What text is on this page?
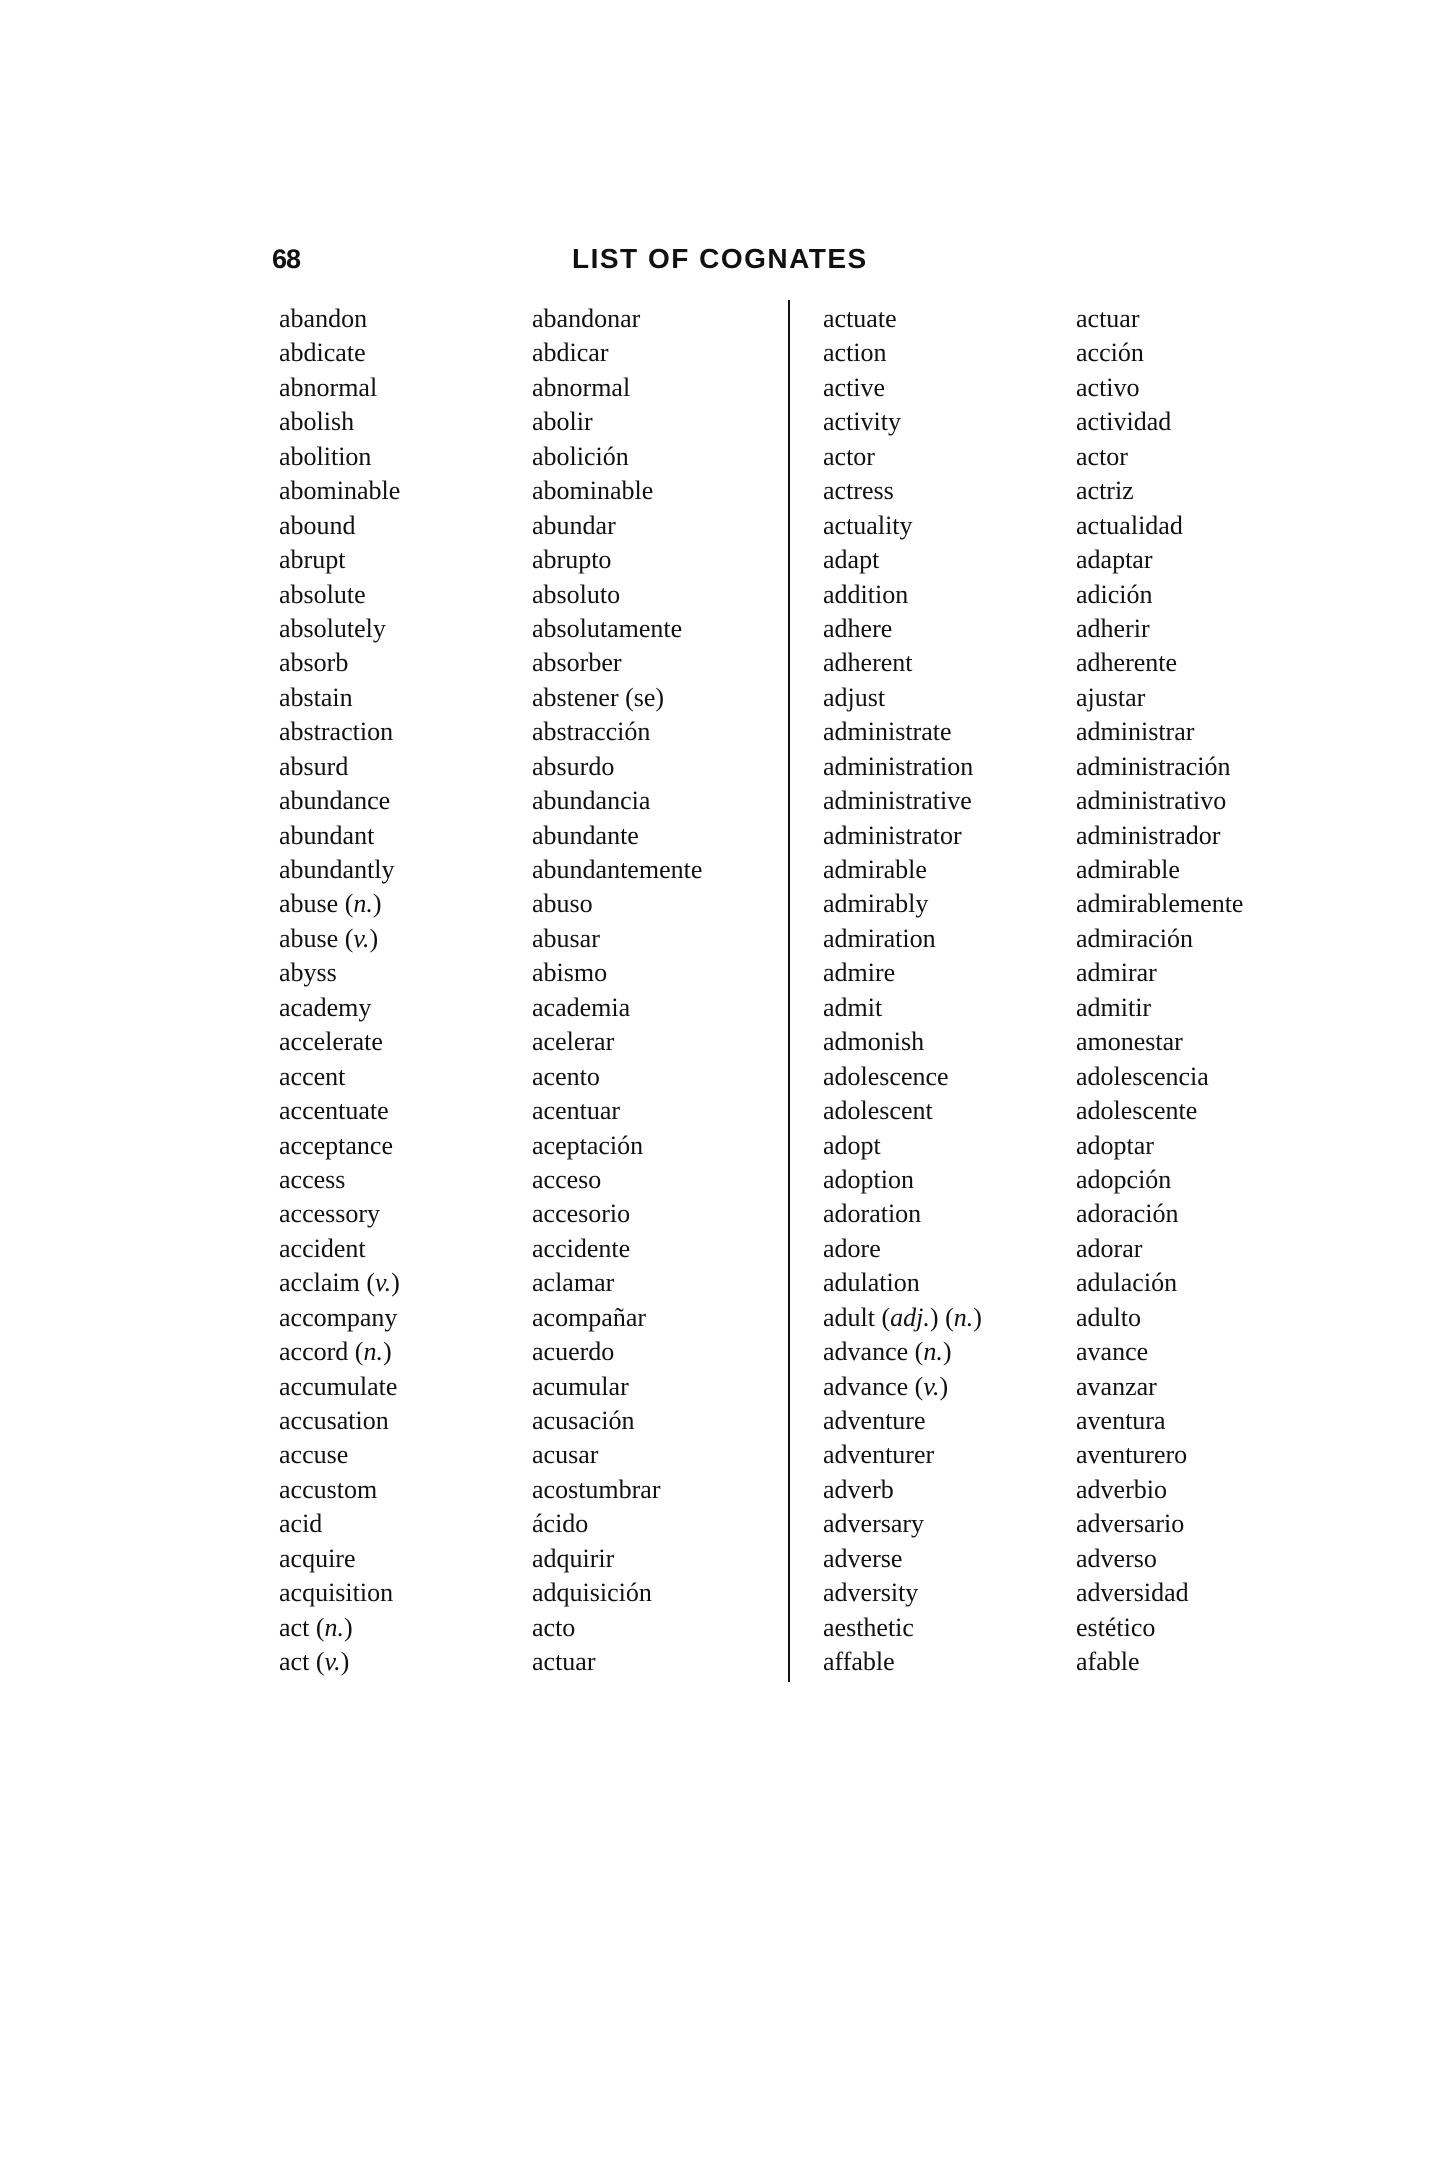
68	LIST OF COGNATES
abandon
abdicate
abnormal
abolish
abolition
abominable
abound
abrupt
absolute
absolutely
absorb
abstain
abstraction
absurd
abundance
abundant
abundantly
abuse (n.)
abuse (v.)
abyss
academy
accelerate
accent
accentuate
acceptance
access
accessory
accident
acclaim (v.)
accompany
accord (n.)
accumulate
accusation
accuse
accustom
acid
acquire
acquisition
act (n.)
act (v.)
abandonar
abdicar
abnormal
abolir
abolición
abominable
abundar
abrupto
absoluto
absolutamente
absorber
abstener (se)
abstracción
absurdo
abundancia
abundante
abundantemente
abuso
abusar
abismo
academia
acelerar
acento
acentuar
aceptación
acceso
accesorio
accidente
aclamar
acompañar
acuerdo
acumular
acusación
acusar
acostumbrar
ácido
adquirir
adquisición
acto
actuar
actuate
action
active
activity
actor
actress
actuality
adapt
addition
adhere
adherent
adjust
administrate
administration
administrative
administrator
admirable
admirably
admiration
admire
admit
admonish
adolescence
adolescent
adopt
adoption
adoration
adore
adulation
adult (adj.) (n.)
advance (n.)
advance (v.)
adventure
adventurer
adverb
adversary
adverse
adversity
aesthetic
affable
actuar
acción
activo
actividad
actor
actriz
actualidad
adaptar
adición
adherir
adherente
ajustar
administrar
administración
administrativo
administrador
admirable
admirablemente
admiración
admirar
admitir
amonestar
adolescencia
adolescente
adoptar
adopción
adoración
adorar
adulación
adulto
avance
avanzar
aventura
aventurero
adverbio
adversario
adverso
adversidad
estético
afable
